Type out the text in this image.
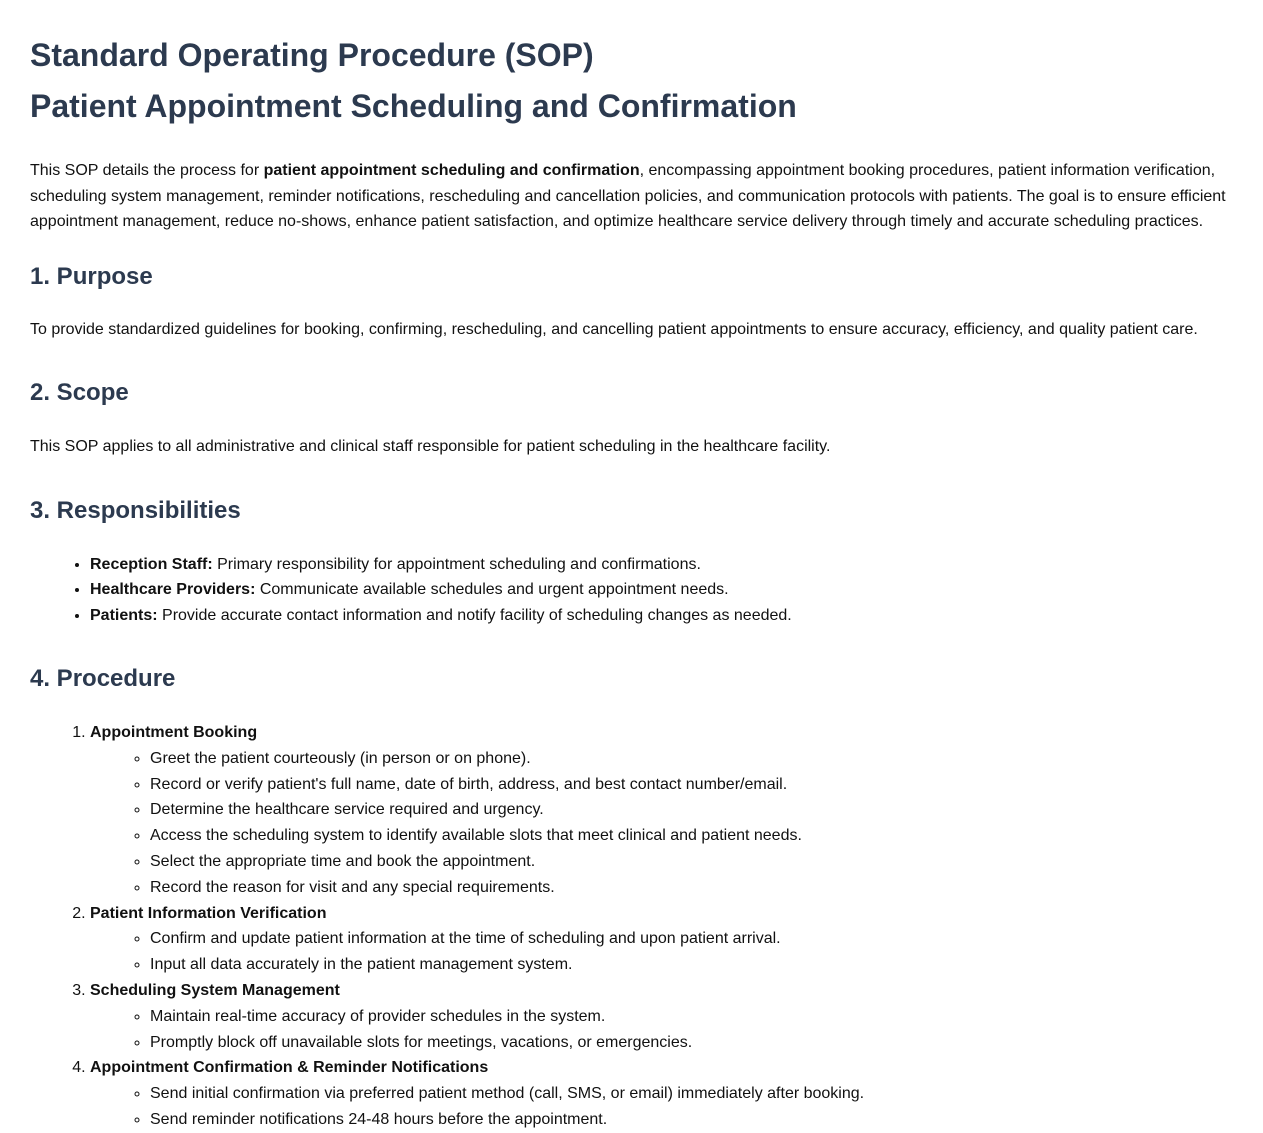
Standard Operating Procedure (SOP)
Patient Appointment Scheduling and Confirmation

This SOP details the process for patient appointment scheduling and confirmation, encompassing appointment booking procedures, patient information verification, scheduling system management, reminder notifications, rescheduling and cancellation policies, and communication protocols with patients. The goal is to ensure efficient appointment management, reduce no-shows, enhance patient satisfaction, and optimize healthcare service delivery through timely and accurate scheduling practices.

1. Purpose

To provide standardized guidelines for booking, confirming, rescheduling, and cancelling patient appointments to ensure accuracy, efficiency, and quality patient care.

2. Scope

This SOP applies to all administrative and clinical staff responsible for patient scheduling in the healthcare facility.

3. Responsibilities
• Reception Staff: Primary responsibility for appointment scheduling and confirmations.
• Healthcare Providers: Communicate available schedules and urgent appointment needs.
• Patients: Provide accurate contact information and notify facility of scheduling changes as needed.
4. Procedure
1. Appointment Booking
◦ Greet the patient courteously (in person or on phone).
◦ Record or verify patient's full name, date of birth, address, and best contact number/email.
◦ Determine the healthcare service required and urgency.
◦ Access the scheduling system to identify available slots that meet clinical and patient needs.
◦ Select the appropriate time and book the appointment.
◦ Record the reason for visit and any special requirements.
2. Patient Information Verification
◦ Confirm and update patient information at the time of scheduling and upon patient arrival.
◦ Input all data accurately in the patient management system.
3. Scheduling System Management
◦ Maintain real-time accuracy of provider schedules in the system.
◦ Promptly block off unavailable slots for meetings, vacations, or emergencies.
4. Appointment Confirmation & Reminder Notifications
◦ Send initial confirmation via preferred patient method (call, SMS, or email) immediately after booking.
◦ Send reminder notifications 24-48 hours before the appointment.
